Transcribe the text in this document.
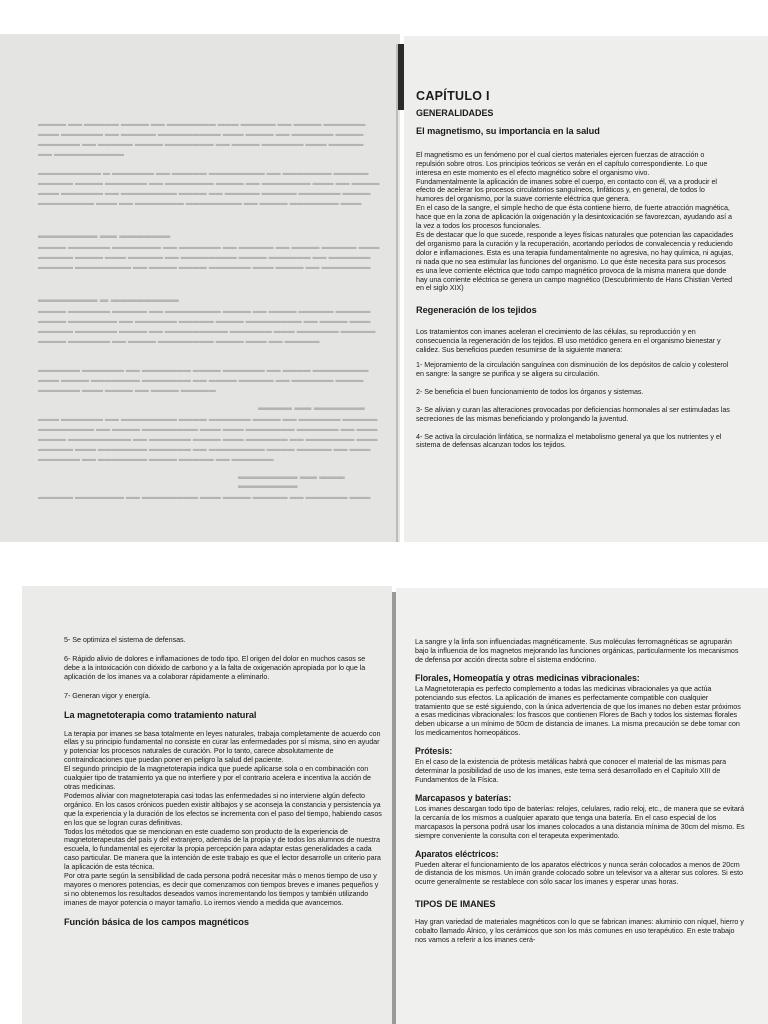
▬▬▬▬ ▬▬ ▬▬▬▬▬ ▬▬▬▬ ▬▬ ▬▬▬▬▬▬▬ ▬▬▬ ▬▬▬▬▬ ▬▬ ▬▬▬▬ ▬▬▬▬▬▬
▬▬▬ ▬▬▬▬▬▬ ▬▬ ▬▬▬▬▬ ▬▬▬▬▬▬▬▬▬ ▬▬▬ ▬▬▬▬ ▬▬ ▬▬▬▬▬▬ ▬▬▬▬
▬▬▬▬▬▬ ▬▬ ▬▬▬▬▬ ▬▬▬▬ ▬▬▬▬▬▬▬ ▬▬ ▬▬▬▬ ▬▬▬▬▬▬ ▬▬▬ ▬▬▬▬▬
▬▬ ▬▬▬▬▬▬▬▬▬▬
▬▬▬▬▬▬▬▬▬ ▬ ▬▬▬▬▬▬ ▬▬ ▬▬▬▬▬ ▬▬▬▬▬▬▬▬ ▬▬ ▬▬▬▬▬▬▬ ▬▬▬▬▬
▬▬▬▬▬ ▬▬▬▬ ▬▬▬▬▬▬ ▬▬ ▬▬▬▬▬▬▬ ▬▬▬▬ ▬▬ ▬▬▬▬▬▬▬ ▬▬▬ ▬▬ ▬▬▬▬
▬▬▬ ▬▬▬▬▬▬ ▬▬ ▬▬▬▬▬▬▬▬ ▬▬▬▬ ▬▬ ▬▬▬▬▬ ▬▬▬▬▬ ▬▬▬▬▬▬ ▬▬▬▬
▬▬▬▬▬▬▬▬ ▬▬▬ ▬▬ ▬▬▬▬▬▬▬ ▬▬▬▬▬▬▬▬ ▬▬ ▬▬▬▬ ▬▬▬▬▬▬▬ ▬▬▬
▬▬▬▬▬▬▬ ▬▬ ▬▬▬▬▬▬
▬▬▬▬ ▬▬▬▬▬▬ ▬▬▬▬▬▬▬ ▬▬ ▬▬▬▬▬▬ ▬▬ ▬▬▬▬▬ ▬▬ ▬▬▬▬ ▬▬▬▬▬ ▬▬▬
▬▬▬▬▬ ▬▬▬▬ ▬▬▬ ▬▬▬▬▬ ▬▬ ▬▬▬▬▬▬▬▬ ▬▬▬▬ ▬▬▬▬▬▬ ▬▬ ▬▬▬▬▬▬
▬▬▬▬▬ ▬▬▬▬▬▬▬▬ ▬▬ ▬▬▬▬ ▬▬▬▬ ▬▬▬▬▬▬ ▬▬▬ ▬▬▬▬ ▬▬ ▬▬▬▬▬▬▬
▬▬▬▬▬▬▬ ▬ ▬▬▬▬▬▬▬▬
▬▬▬▬ ▬▬▬▬▬▬ ▬▬▬▬▬ ▬▬ ▬▬▬▬▬▬▬▬ ▬▬▬▬ ▬▬ ▬▬▬▬ ▬▬▬▬▬ ▬▬▬▬▬
▬▬▬▬ ▬▬▬▬▬▬▬ ▬▬ ▬▬▬▬▬▬ ▬▬▬▬▬ ▬▬▬▬ ▬▬▬▬▬▬▬▬ ▬▬ ▬▬▬▬ ▬▬▬
▬▬▬▬▬ ▬▬▬▬▬▬ ▬▬▬▬ ▬▬ ▬▬▬▬▬▬▬▬▬ ▬▬▬▬▬▬ ▬▬▬ ▬▬▬▬▬▬ ▬▬▬▬▬
▬▬▬▬ ▬▬▬▬▬▬ ▬▬ ▬▬▬▬ ▬▬▬▬▬▬▬▬ ▬▬▬▬ ▬▬▬ ▬▬ ▬▬▬▬▬
▬▬▬▬▬▬ ▬▬▬▬▬▬ ▬▬ ▬▬▬▬▬▬▬ ▬▬▬▬ ▬▬▬▬▬▬ ▬▬ ▬▬▬▬ ▬▬▬▬▬▬▬▬
▬▬▬ ▬▬▬▬ ▬▬▬▬▬▬▬ ▬▬▬▬▬▬▬ ▬▬ ▬▬▬▬ ▬▬▬▬▬ ▬▬ ▬▬▬▬▬▬ ▬▬▬▬
▬▬▬▬▬▬ ▬▬▬ ▬▬▬▬ ▬▬ ▬▬▬▬ ▬▬▬▬▬
▬▬▬▬ ▬▬ ▬▬▬▬▬▬
▬▬▬ ▬▬▬▬▬▬ ▬▬ ▬▬▬▬▬▬▬▬ ▬▬▬▬ ▬▬▬▬▬▬ ▬▬▬▬ ▬▬ ▬▬▬▬▬▬ ▬▬▬▬▬
▬▬▬▬▬▬▬▬ ▬▬ ▬▬▬▬ ▬▬▬▬▬▬▬▬ ▬▬▬ ▬▬▬ ▬▬▬▬▬▬▬ ▬▬▬▬▬▬ ▬▬ ▬▬▬
▬▬▬▬ ▬▬▬▬▬▬▬▬▬ ▬▬ ▬▬▬▬▬▬ ▬▬▬▬ ▬▬▬ ▬▬▬▬▬▬ ▬▬ ▬▬▬▬▬▬▬ ▬▬▬
▬▬▬▬▬ ▬▬▬ ▬▬▬▬▬▬▬ ▬▬▬▬▬▬ ▬▬ ▬▬▬▬▬▬▬▬ ▬▬▬▬ ▬▬▬▬▬ ▬▬ ▬▬▬
▬▬▬▬▬▬ ▬▬ ▬▬▬▬▬▬▬ ▬▬▬▬ ▬▬▬▬▬ ▬▬ ▬▬▬▬▬▬
▬▬▬▬▬▬▬ ▬▬ ▬▬▬ ▬▬▬▬▬▬▬
▬▬▬▬▬ ▬▬▬▬▬▬▬ ▬▬ ▬▬▬▬▬▬▬▬ ▬▬▬ ▬▬▬▬ ▬▬▬▬▬ ▬▬ ▬▬▬▬▬▬ ▬▬▬
CAPÍTULO I
GENERALIDADES
El magnetismo, su importancia en la salud
El magnetismo es un fenómeno por el cual ciertos materiales ejercen fuerzas de atracción o repulsión sobre otros. Los principios teóricos se verán en el capítulo correspondiente. Lo que interesa en este momento es el efecto magnético sobre el organismo vivo.
Fundamentalmente la aplicación de imanes sobre el cuerpo, en contacto con él, va a producir el efecto de acelerar los procesos circulatorios sanguíneos, linfáticos y, en general, de todos lo humores del organismo, por la suave corriente eléctrica que genera.
En el caso de la sangre, el simple hecho de que ésta contiene hierro, de fuerte atracción magnética, hace que en la zona de aplicación la oxigenación y la desintoxicación se favorezcan, ayudando así a la vez a todos los procesos funcionales.
Es de destacar que lo que sucede, responde a leyes físicas naturales que potencian las capacidades del organismo para la curación y la recuperación, acortando períodos de convalecencia y reduciendo dolor e inflamaciones. Esta es una terapia fundamentalmente no agresiva, no hay química, ni agujas, ni nada que no sea estimular las funciones del organismo. Lo que éste necesita para sus procesos es una leve corriente eléctrica que todo campo magnético provoca de la misma manera que donde hay una corriente eléctrica se genera un campo magnético (Descubrimiento de Hans Chistian Verted en el siglo XIX)
Regeneración de los tejidos

Los tratamientos con imanes aceleran el crecimiento de las células, su reproducción y en consecuencia la regeneración de los tejidos. El uso metódico genera en el organismo bienestar y calidez. Sus beneficios pueden resumirse de la siguiente manera:

1- Mejoramiento de la circulación sanguínea con disminución de los depósitos de calcio y colesterol en sangre: la sangre se purifica y se aligera su circulación.

2- Se beneficia el buen funcionamiento de todos los órganos y sistemas.

3- Se alivian y curan las alteraciones provocadas por deficiencias hormonales al ser estimuladas las secreciones de las mismas beneficiando y prolongando la juventud.

4- Se activa la circulación linfática, se normaliza el metabolismo general ya que los nutrientes y el sistema de defensas alcanzan todos los tejidos.

5- Se optimiza el sistema de defensas.

6- Rápido alivio de dolores e inflamaciones de todo tipo. El origen del dolor en muchos casos se debe a la intoxicación con dióxido de carbono y a la falta de oxigenación apropiada por lo que la aplicación de los imanes va a colaborar rápidamente a eliminarlo.

7- Generan vigor y energía.

La magnetoterapia como tratamiento natural
La terapia por imanes se basa totalmente en leyes naturales, trabaja completamente de acuerdo con ellas y su principio fundamental no consiste en curar las enfermedades por sí misma, sino en ayudar y potenciar los procesos naturales de curación. Por lo tanto, carece absolutamente de contraindicaciones que puedan poner en peligro la salud del paciente.
El segundo principio de la magnetoterapia indica que puede aplicarse sola o en combinación con cualquier tipo de tratamiento ya que no interfiere y por el contrario acelera e incentiva la acción de otras medicinas.
Podemos aliviar con magnetoterapia casi todas las enfermedades si no interviene algún defecto orgánico. En los casos crónicos pueden existir altibajos y se aconseja la constancia y persistencia ya que la experiencia y la duración de los efectos se incrementa con el paso del tiempo, habiendo casos en los que se logran curas definitivas.
Todos los métodos que se mencionan en este cuaderno son producto de la experiencia de magnetoterapeutas del país y del extranjero, además de la propia y de todos los alumnos de nuestra escuela, lo fundamental es ejercitar la propia percepción para adaptar estas generalidades a cada caso particular. De manera que la intención de este trabajo es que el lector desarrolle un criterio para la aplicación de esta técnica.
Por otra parte según la sensibilidad de cada persona podrá necesitar más o menos tiempo de uso y mayores o menores potencias, es decir que comenzamos con tiempos breves e imanes pequeños y si no obtenemos los resultados deseados vamos incrementando los tiempos y también utilizando imanes de mayor potencia o mayor tamaño. Lo iremos viendo a medida que avancemos.
Función básica de los campos magnéticos

La sangre y la linfa son influenciadas magnéticamente. Sus moléculas ferromagnéticas se agruparán bajo la influencia de los magnetos mejorando las funciones orgánicas, particularmente los mecanismos de defensa por acción directa sobre el sistema endócrino.

Florales, Homeopatía y otras medicinas vibracionales:

La Magnetoterapia es perfecto complemento a todas las medicinas vibracionales ya que actúa potenciando sus efectos. La aplicación de imanes es perfectamente compatible con cualquier tratamiento que se esté siguiendo, con la única advertencia de que los imanes no deben estar próximos a esas medicinas vibracionales: los frascos que contienen Flores de Bach y todos los sistemas florales deben ubicarse a un mínimo de 50cm de distancia de imanes. La misma precaución se debe tomar con los medicamentos homeopáticos.

Prótesis:

En el caso de la existencia de prótesis metálicas habrá que conocer el material de las mismas para determinar la posibilidad de uso de los imanes, este tema será desarrollado en el Capítulo XIII de Fundamentos de la Física.

Marcapasos y baterías:

Los imanes descargan todo tipo de baterías: relojes, celulares, radio reloj, etc., de manera que se evitará la cercanía de los mismos a cualquier aparato que tenga una batería. En el caso especial de los marcapasos la persona podrá usar los imanes colocados a una distancia mínima de 30cm del mismo. Es siempre conveniente la consulta con el terapeuta experimentado.

Aparatos eléctricos:

Pueden alterar el funcionamiento de los aparatos eléctricos y nunca serán colocados a menos de 20cm de distancia de los mismos. Un imán grande colocado sobre un televisor va a alterar sus colores. Si esto ocurre generalmente se restablece con sólo sacar los imanes y esperar unas horas.

TIPOS DE IMANES

Hay gran variedad de materiales magnéticos con lo que se fabrican imanes: aluminio con níquel, hierro y cobalto llamado Álnico, y los cerámicos que son los más comunes en uso terapéutico. En este trabajo nos vamos a referir a los imanes cerá-
